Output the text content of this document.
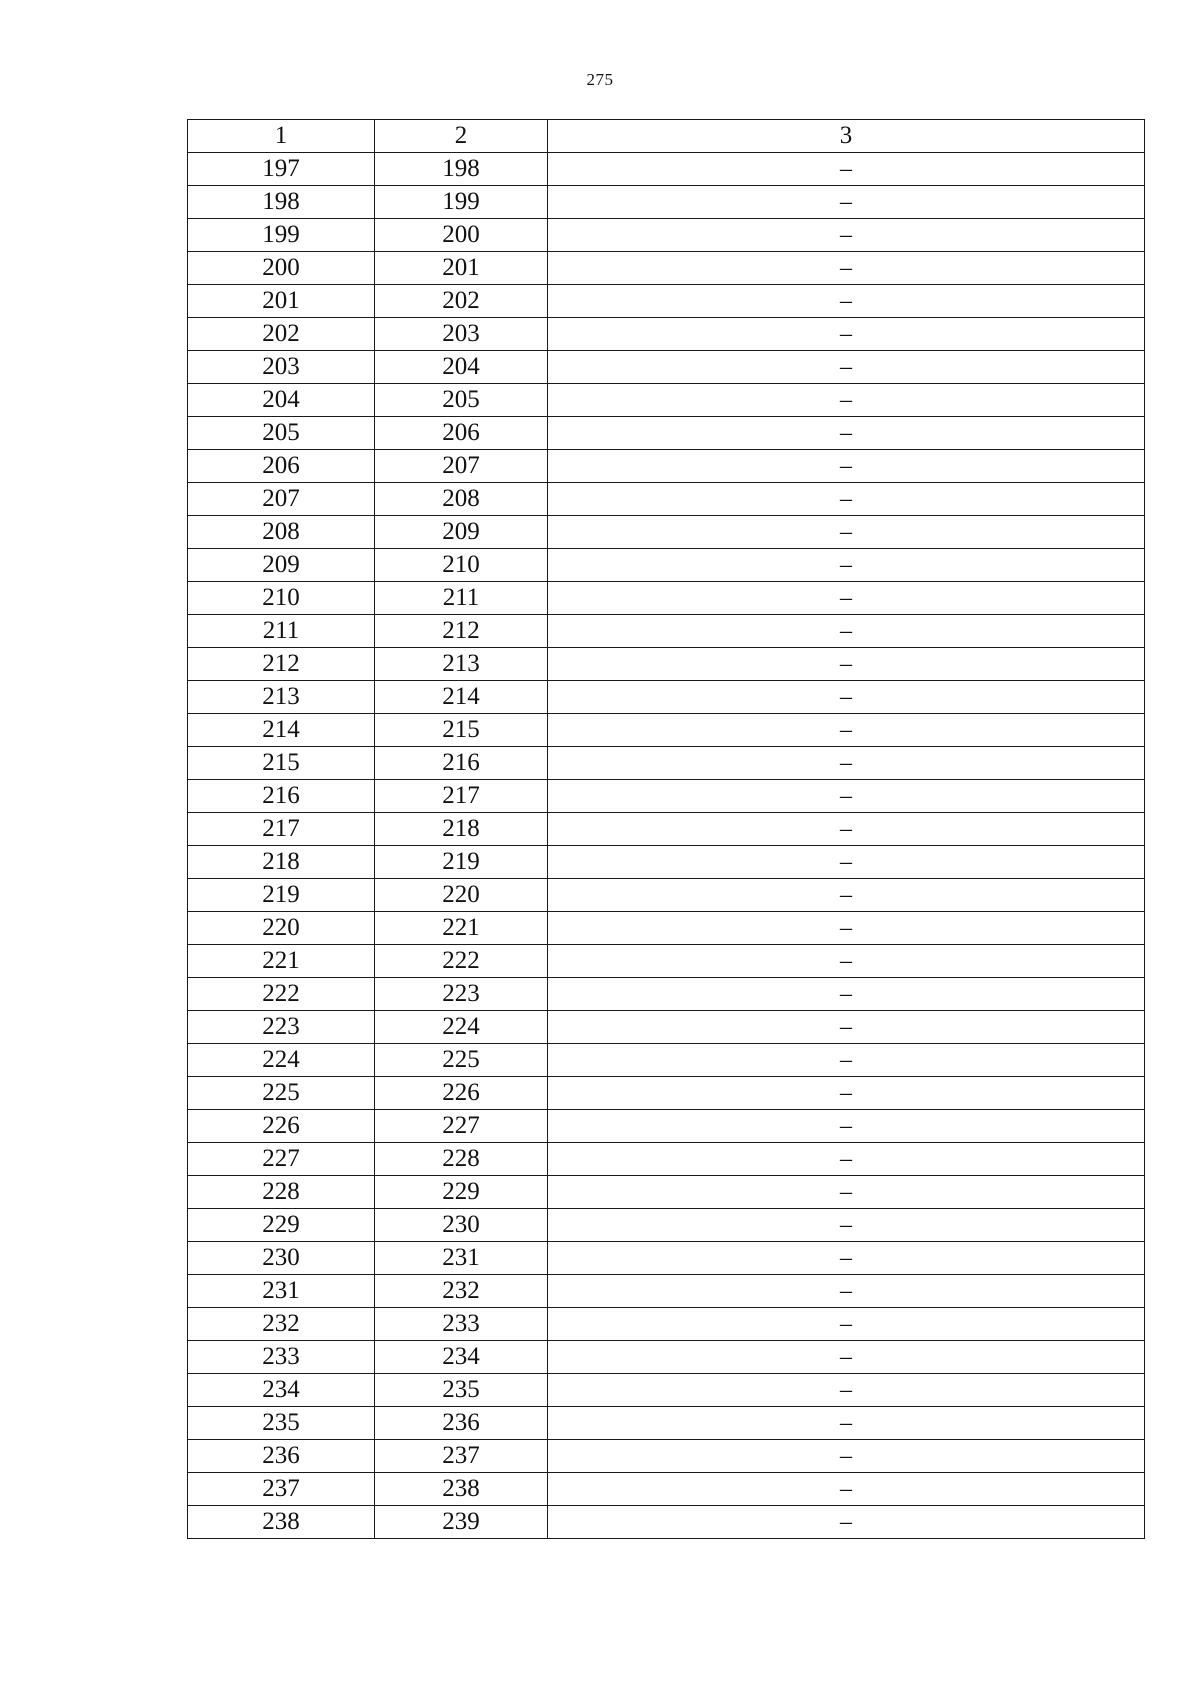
275
1	2	3
197	198	–
198	199	–
199	200	–
200	201	–
201	202	–
202	203	–
203	204	–
204	205	–
205	206	–
206	207	–
207	208	–
208	209	–
209	210	–
210	211	–
211	212	–
212	213	–
213	214	–
214	215	–
215	216	–
216	217	–
217	218	–
218	219	–
219	220	–
220	221	–
221	222	–
222	223	–
223	224	–
224	225	–
225	226	–
226	227	–
227	228	–
228	229	–
229	230	–
230	231	–
231	232	–
232	233	–
233	234	–
234	235	–
235	236	–
236	237	–
237	238	–
238	239	–
